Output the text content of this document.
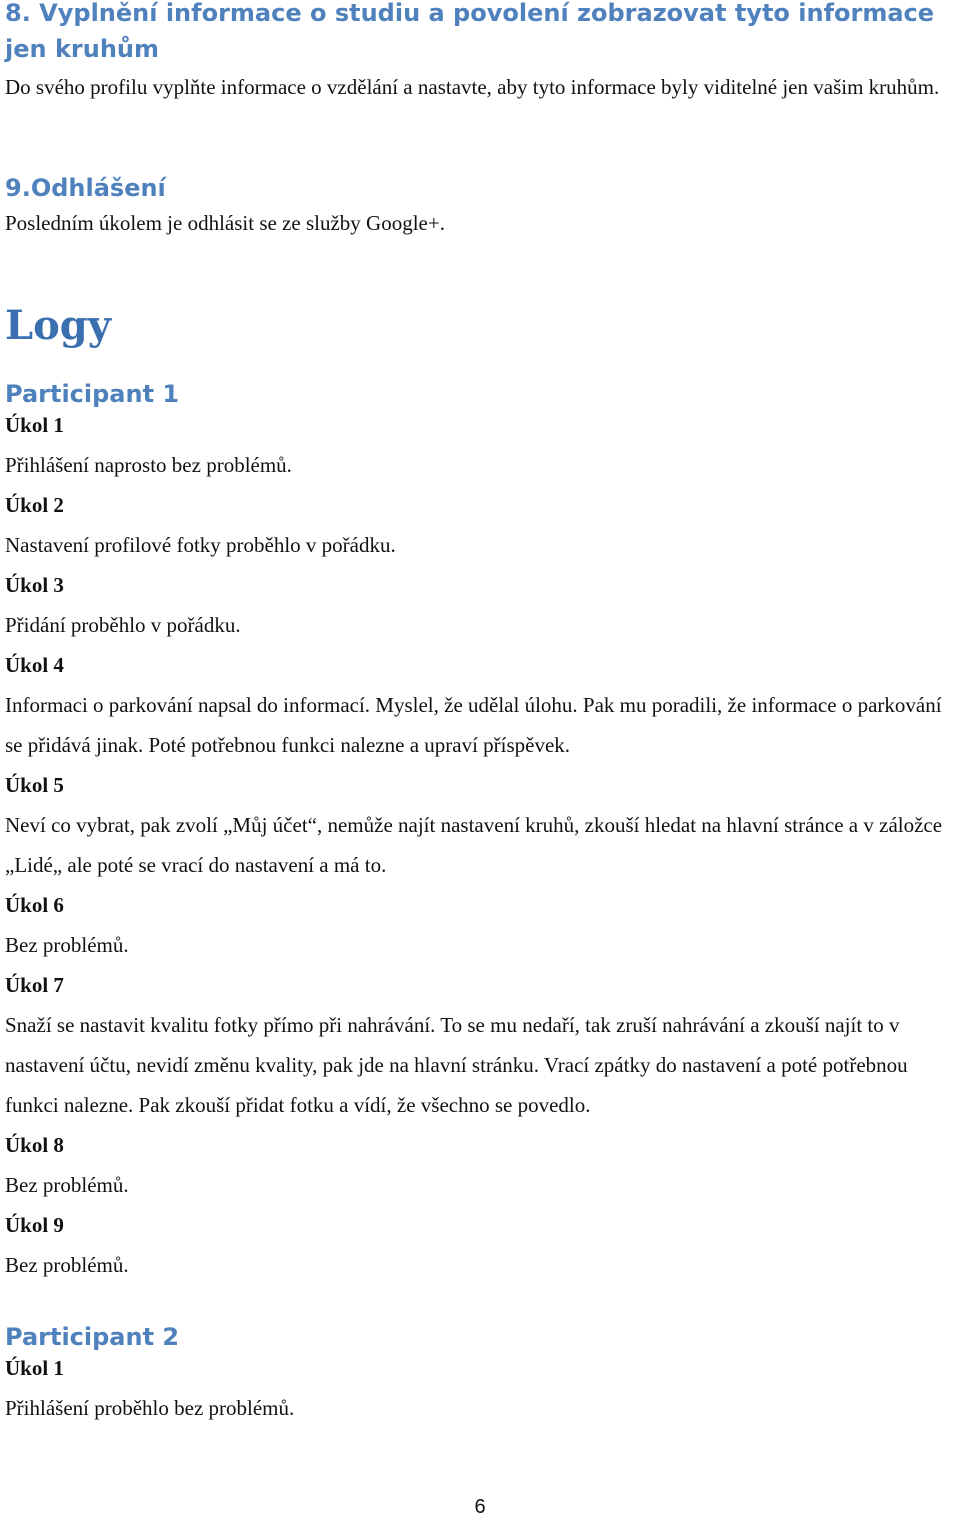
8. Vyplnění informace o studiu a povolení zobrazovat tyto informace jen kruhům

Do svého profilu vyplňte informace o vzdělání a nastavte, aby tyto informace byly viditelné jen vašim kruhům.

9.Odhlášení

Posledním úkolem je odhlásit se ze služby Google+.

Logy
Participant 1

Úkol 1

Přihlášení naprosto bez problémů.

Úkol 2

Nastavení profilové fotky proběhlo v pořádku.

Úkol 3

Přidání proběhlo v pořádku.

Úkol 4

Informaci o parkování napsal do informací. Myslel, že udělal úlohu. Pak mu poradili, že informace o parkování se přidává jinak. Poté potřebnou funkci nalezne a upraví příspěvek.

Úkol 5

Neví co vybrat, pak zvolí „Můj účet“, nemůže najít nastavení kruhů, zkouší hledat na hlavní stránce a v záložce „Lidé„ ale poté se vrací do nastavení a má to.

Úkol 6

Bez problémů.

Úkol 7

Snaží se nastavit kvalitu fotky přímo při nahrávání. To se mu nedaří, tak zruší nahrávání a zkouší najít to v nastavení účtu, nevidí změnu kvality, pak jde na hlavní stránku. Vrací zpátky do nastavení a poté potřebnou funkci nalezne. Pak zkouší přidat fotku a vídí, že všechno se povedlo.

Úkol 8

Bez problémů.

Úkol 9

Bez problémů.

Participant 2

Úkol 1

Přihlášení proběhlo bez problémů.

6
